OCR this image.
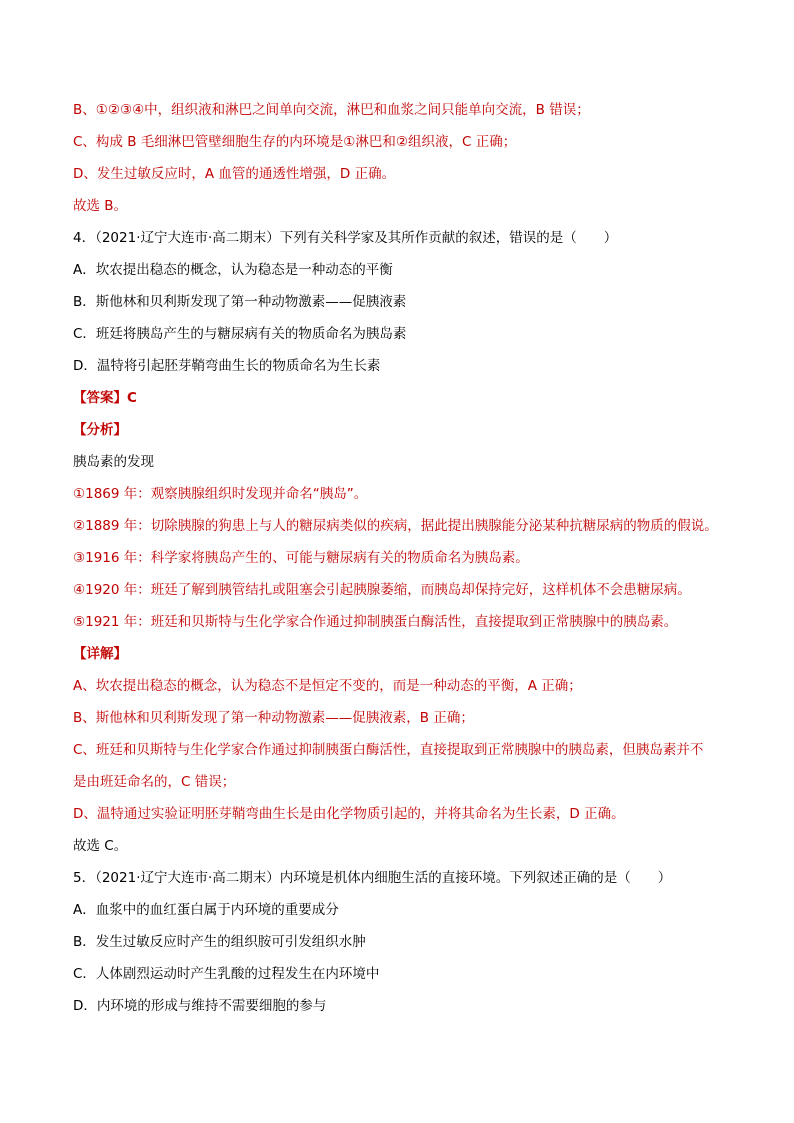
B、①②③④中，组织液和淋巴之间单向交流，淋巴和血浆之间只能单向交流，B 错误；
C、构成 B 毛细淋巴管壁细胞生存的内环境是①淋巴和②组织液，C 正确；
D、发生过敏反应时，A 血管的通透性增强，D 正确。
故选 B。
4．（2021·辽宁大连市·高二期末）下列有关科学家及其所作贡献的叙述，错误的是（　　）
A．坎农提出稳态的概念，认为稳态是一种动态的平衡
B．斯他林和贝利斯发现了第一种动物激素——促胰液素
C．班廷将胰岛产生的与糖尿病有关的物质命名为胰岛素
D．温特将引起胚芽鞘弯曲生长的物质命名为生长素
【答案】C
【分析】
胰岛素的发现
①1869 年：观察胰腺组织时发现并命名“胰岛”。
②1889 年：切除胰腺的狗患上与人的糖尿病类似的疾病，据此提出胰腺能分泌某种抗糖尿病的物质的假说。
③1916 年：科学家将胰岛产生的、可能与糖尿病有关的物质命名为胰岛素。
④1920 年：班廷了解到胰管结扎或阻塞会引起胰腺萎缩，而胰岛却保持完好，这样机体不会患糖尿病。
⑤1921 年：班廷和贝斯特与生化学家合作通过抑制胰蛋白酶活性，直接提取到正常胰腺中的胰岛素。
【详解】
A、坎农提出稳态的概念，认为稳态不是恒定不变的，而是一种动态的平衡，A 正确；
B、斯他林和贝利斯发现了第一种动物激素——促胰液素，B 正确；
C、班廷和贝斯特与生化学家合作通过抑制胰蛋白酶活性，直接提取到正常胰腺中的胰岛素，但胰岛素并不
是由班廷命名的，C 错误；
D、温特通过实验证明胚芽鞘弯曲生长是由化学物质引起的，并将其命名为生长素，D 正确。
故选 C。
5．（2021·辽宁大连市·高二期末）内环境是机体内细胞生活的直接环境。下列叙述正确的是（　　）
A．血浆中的血红蛋白属于内环境的重要成分
B．发生过敏反应时产生的组织胺可引发组织水肿
C．人体剧烈运动时产生乳酸的过程发生在内环境中
D．内环境的形成与维持不需要细胞的参与
